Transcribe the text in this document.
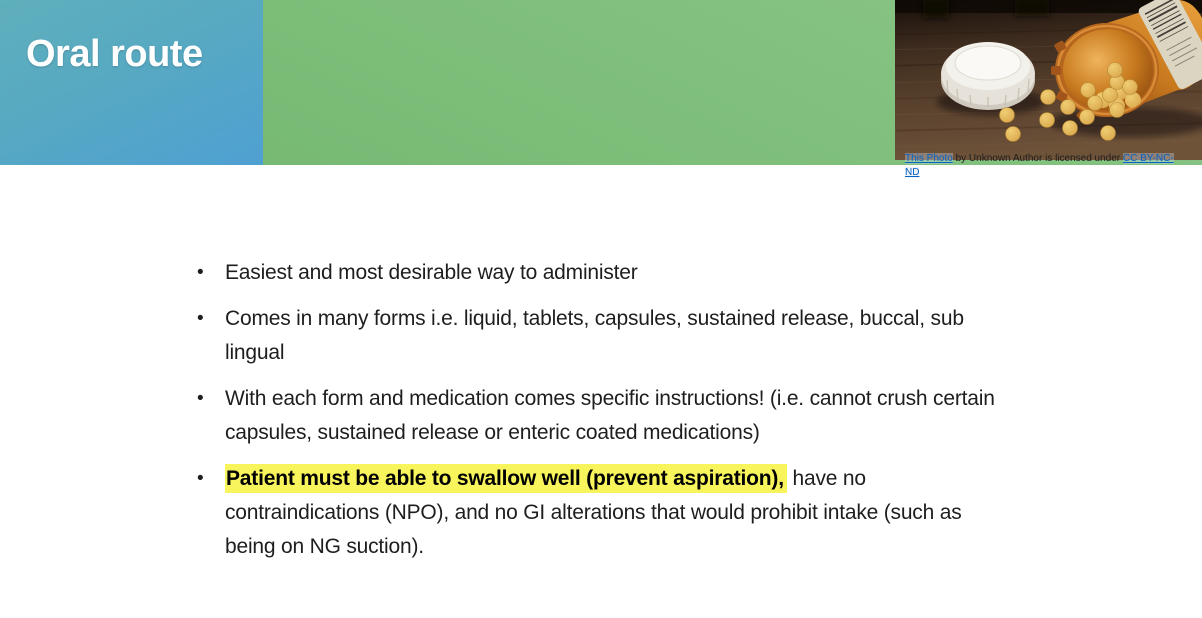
Oral route
This Photo by Unknown Author is licensed under CC BY-NC-ND
•	Easiest and most desirable way to administer
•	Comes in many forms i.e. liquid, tablets, capsules, sustained release, buccal, sub
lingual
•	With each form and medication comes specific instructions! (i.e. cannot crush certain
capsules, sustained release or enteric coated medications)
•	Patient must be able to swallow well (prevent aspiration), have no
contraindications (NPO), and no GI alterations that would prohibit intake (such as
being on NG suction).
